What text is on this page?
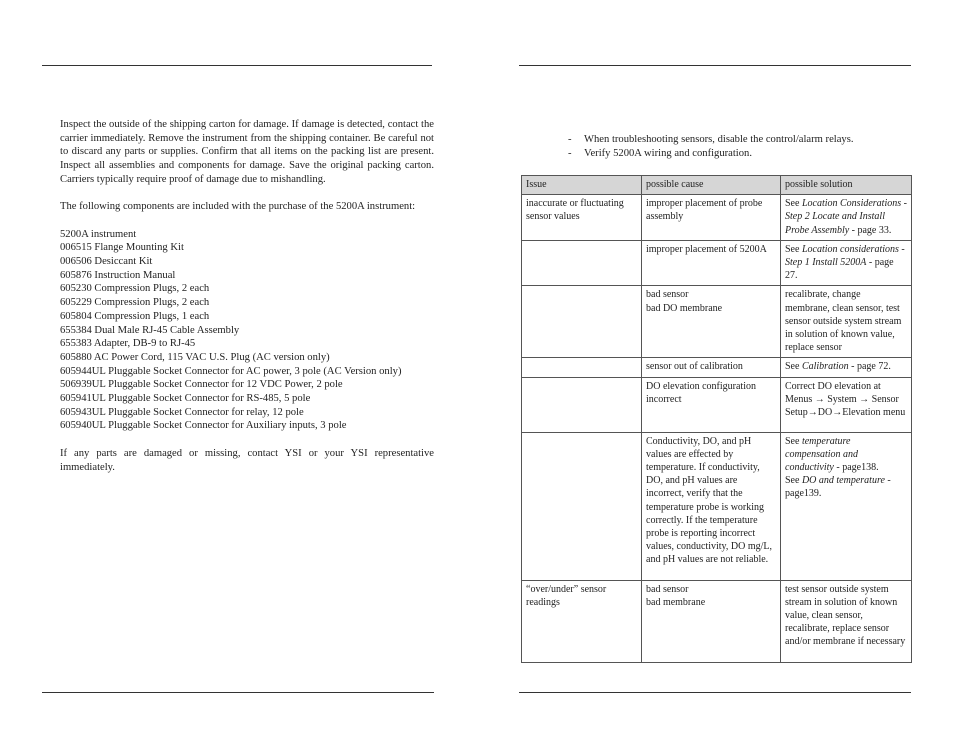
Inspect the outside of the shipping carton for damage. If damage is detected, contact the carrier immediately. Remove the instrument from the shipping container. Be careful not to discard any parts or supplies. Confirm that all items on the packing list are present. Inspect all assemblies and components for damage. Save the original packing carton. Carriers typically require proof of damage due to mishandling.

The following components are included with the purchase of the 5200A instrument:

5200A instrument
006515 Flange Mounting Kit
006506 Desiccant Kit
605876 Instruction Manual
605230 Compression Plugs, 2 each
605229 Compression Plugs, 2 each
605804 Compression Plugs, 1 each
655384 Dual Male RJ-45 Cable Assembly
655383 Adapter, DB-9 to RJ-45
605880 AC Power Cord, 115 VAC U.S. Plug (AC version only)
605944UL Pluggable Socket Connector for AC power, 3 pole (AC Version only)
506939UL Pluggable Socket Connector for 12 VDC Power, 2 pole
605941UL Pluggable Socket Connector for RS-485, 5 pole
605943UL Pluggable Socket Connector for relay, 12 pole
605940UL Pluggable Socket Connector for Auxiliary inputs, 3 pole

If any parts are damaged or missing, contact YSI or your YSI representative immediately.

- When troubleshooting sensors, disable the control/alarm relays.
- Verify 5200A wiring and configuration.
Issue	possible cause	possible solution
inaccurate or fluctuating sensor values	improper placement of probe assembly	See Location Considerations - Step 2 Locate and Install Probe Assembly - page 33.
	improper placement of 5200A	See Location considerations - Step 1 Install 5200A - page 27.

	bad sensor
bad DO membrane	recalibrate, change membrane, clean sensor, test sensor outside system stream in solution of known value, replace sensor
	sensor out of calibration	See Calibration - page 72.
	DO elevation configuration incorrect	Correct DO elevation at Menus → System → Sensor Setup→DO→Elevation menu
	Conductivity, DO, and pH values are effected by temperature. If conductivity, DO, and pH values are incorrect, verify that the temperature probe is working correctly. If the temperature probe is reporting incorrect values, conductivity, DO mg/L, and pH values are not reliable.	See temperature compensation and conductivity - page138.
See DO and temperature - page139.

“over/under” sensor readings	bad sensor
bad membrane	test sensor outside system stream in solution of known value, clean sensor, recalibrate, replace sensor and/or membrane if necessary
